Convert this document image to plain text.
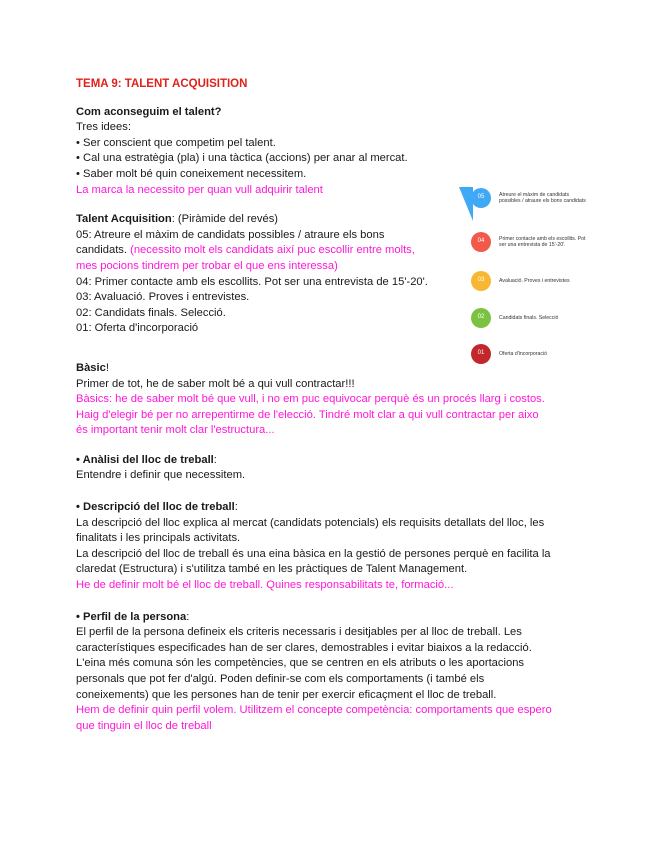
TEMA 9: TALENT ACQUISITION
Com aconseguim el talent?
Tres idees:
• Ser conscient que competim pel talent.
• Cal una estratègia (pla) i una tàctica (accions) per anar al mercat.
• Saber molt bé quin coneixement necessitem.
La marca la necessito per quan vull adquirir talent
Talent Acquisition: (Piràmide del revés)
05: Atreure el màxim de candidats possibles / atraure els bons
candidats. (necessito molt els candidats així puc escollir entre molts,
mes pocions tindrem per trobar el que ens interessa)
04: Primer contacte amb els escollits. Pot ser una entrevista de 15'-20'.
03: Avaluació. Proves i entrevistes.
02: Candidats finals. Selecció.
01: Oferta d'incorporació
Bàsic!
Primer de tot, he de saber molt bé a qui vull contractar!!!
Bàsics: he de saber molt bé que vull, i no em puc equivocar perquè és un procés llarg i costos.
Haig d'elegir bé per no arrepentirme de l'elecció. Tindré molt clar a qui vull contractar per aixo
és important tenir molt clar l'estructura...
• Anàlisi del lloc de treball:
Entendre i definir que necessitem.
• Descripció del lloc de treball:
La descripció del lloc explica al mercat (candidats potencials) els requisits detallats del lloc, les
finalitats i les principals activitats.
La descripció del lloc de treball és una eina bàsica en la gestió de persones perquè en facilita la
claredat (Estructura) i s'utilitza també en les pràctiques de Talent Management.
He de definir molt bé el lloc de treball. Quines responsabilitats te, formació...
• Perfil de la persona:
El perfil de la persona defineix els criteris necessaris i desitjables per al lloc de treball. Les
característiques especificades han de ser clares, demostrables i evitar biaixos a la redacció.
L'eina més comuna són les competències, que se centren en els atributs o les aportacions
personals que pot fer d'algú. Poden definir-se com els comportaments (i també els
coneixements) que les persones han de tenir per exercir eficaçment el lloc de treball.
Hem de definir quin perfil volem. Utilitzem el concepte competència: comportaments que espero
que tinguin el lloc de treball
05	Atreure el màxim de candidats possibles / atraure els bons candidats
04	Primer contacte amb els escollits. Pot ser una entrevista de 15'-20'.
03	Avaluació. Proves i entrevistes
02	Candidats finals. Selecció
01	Oferta d'incorporació
